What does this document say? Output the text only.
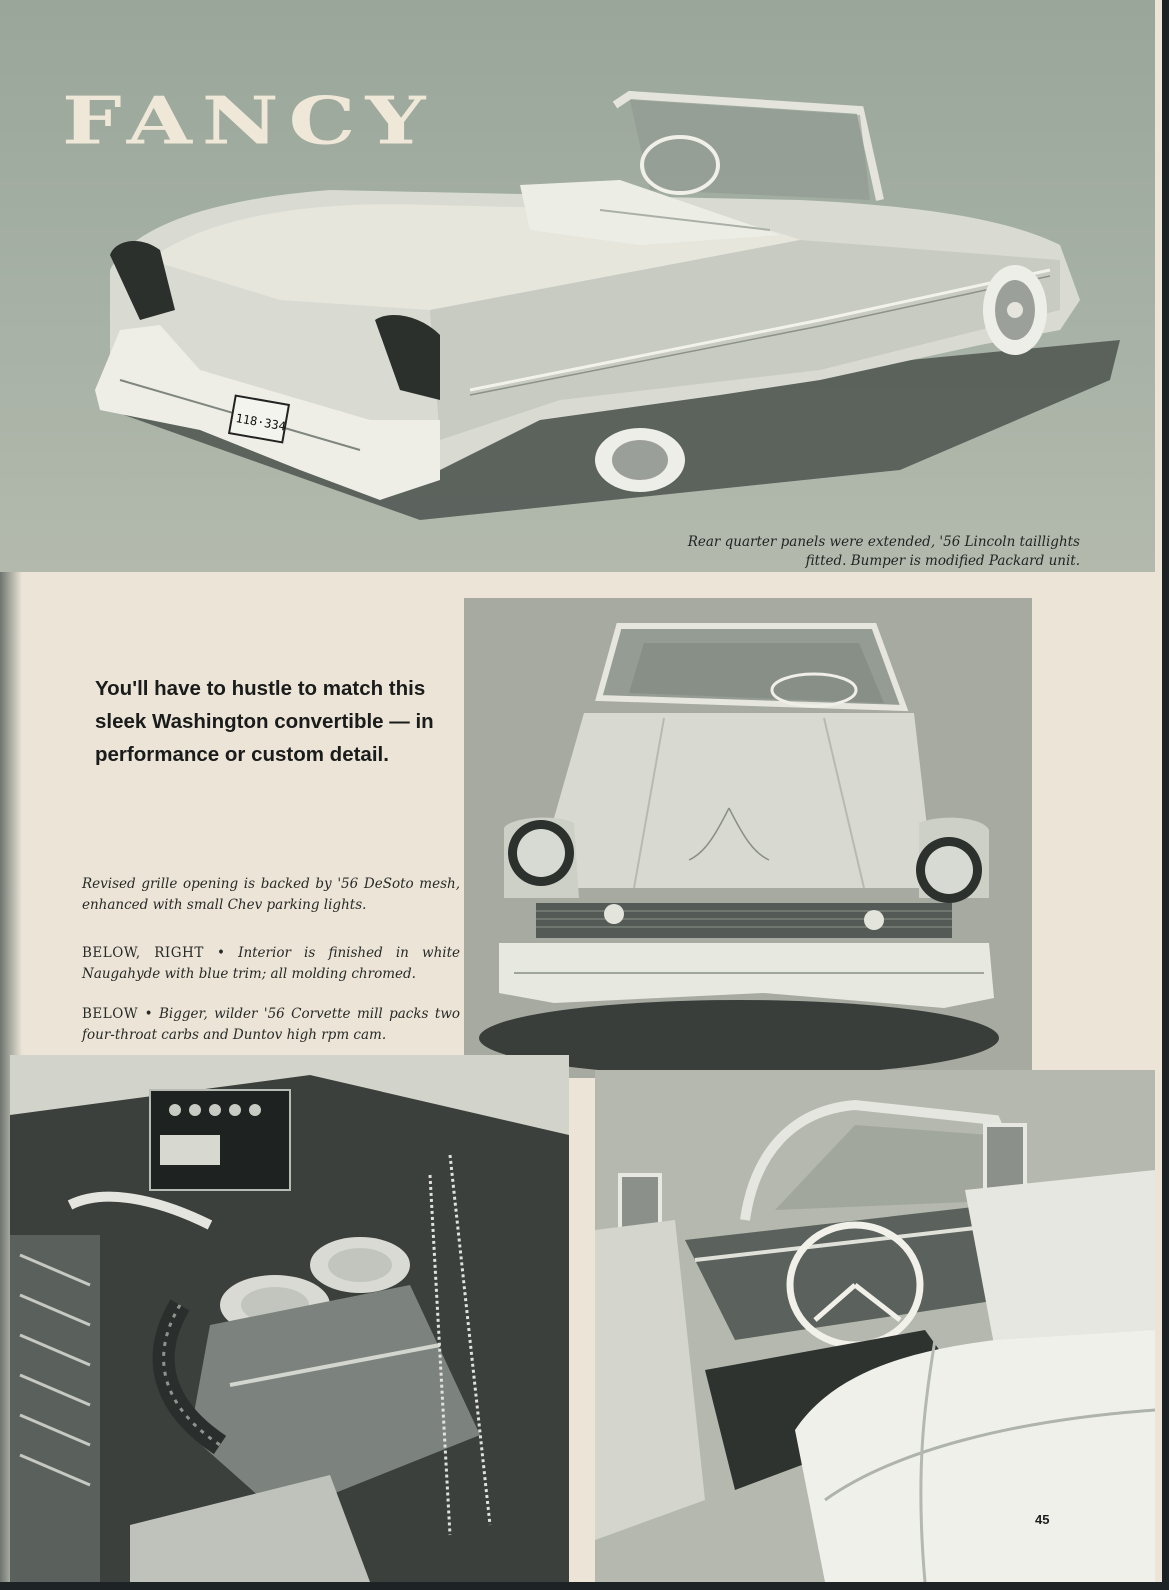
118·334
FANCY
Rear quarter panels were extended, '56 Lincoln taillights fitted. Bumper is modified Packard unit.
You'll have to hustle to match this sleek Washington convertible — in performance or custom detail.
Revised grille opening is backed by '56 DeSoto mesh, enhanced with small Chev parking lights.
BELOW, RIGHT • Interior is finished in white Naugahyde with blue trim; all molding chromed.
BELOW • Bigger, wilder '56 Corvette mill packs two four-throat carbs and Duntov high rpm cam.
45
